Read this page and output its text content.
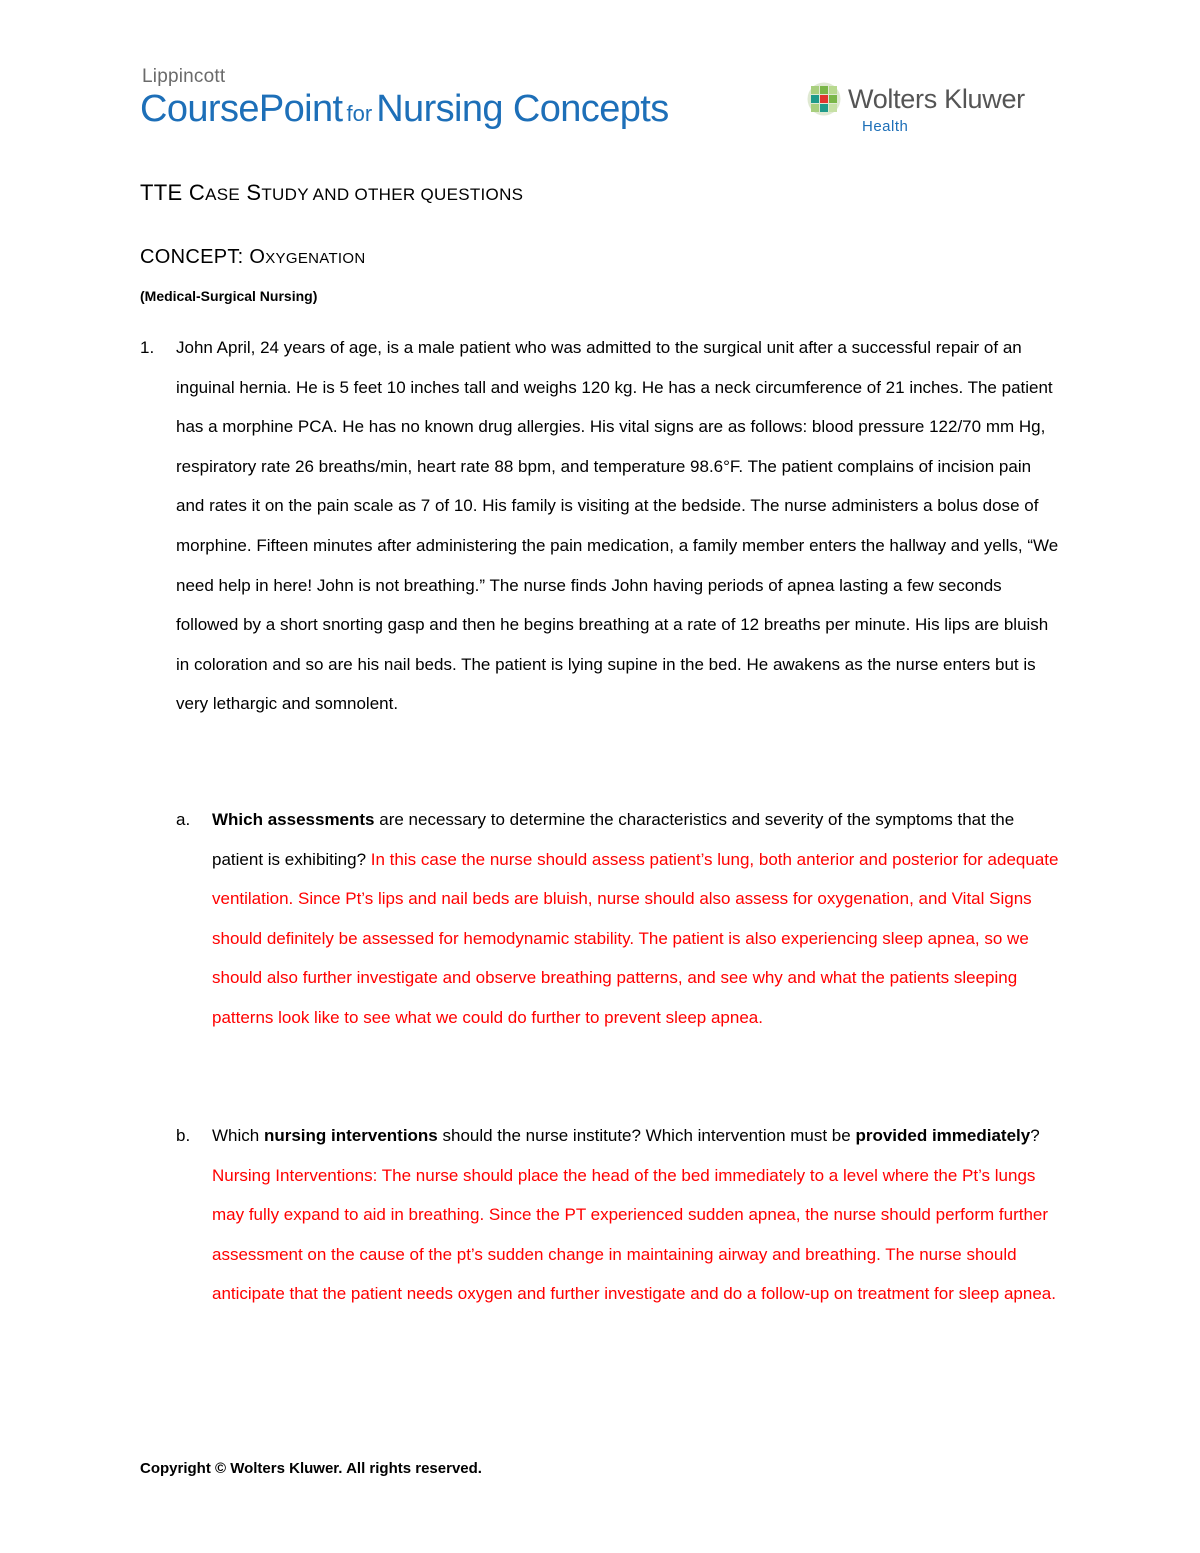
Lippincott
CoursePoint for Nursing Concepts	Wolters Kluwer
Health
TTE CASE STUDY AND OTHER QUESTIONS
CONCEPT: OXYGENATION
(Medical-Surgical Nursing)
1. John April, 24 years of age, is a male patient who was admitted to the surgical unit after a successful repair of an inguinal hernia. He is 5 feet 10 inches tall and weighs 120 kg. He has a neck circumference of 21 inches. The patient has a morphine PCA. He has no known drug allergies. His vital signs are as follows: blood pressure 122/70 mm Hg, respiratory rate 26 breaths/min, heart rate 88 bpm, and temperature 98.6°F. The patient complains of incision pain and rates it on the pain scale as 7 of 10. His family is visiting at the bedside. The nurse administers a bolus dose of morphine. Fifteen minutes after administering the pain medication, a family member enters the hallway and yells, “We need help in here! John is not breathing.” The nurse finds John having periods of apnea lasting a few seconds followed by a short snorting gasp and then he begins breathing at a rate of 12 breaths per minute. His lips are bluish in coloration and so are his nail beds. The patient is lying supine in the bed. He awakens as the nurse enters but is very lethargic and somnolent.
a. Which assessments are necessary to determine the characteristics and severity of the symptoms that the patient is exhibiting? In this case the nurse should assess patient’s lung, both anterior and posterior for adequate ventilation. Since Pt’s lips and nail beds are bluish, nurse should also assess for oxygenation, and Vital Signs should definitely be assessed for hemodynamic stability. The patient is also experiencing sleep apnea, so we should also further investigate and observe breathing patterns, and see why and what the patients sleeping patterns look like to see what we could do further to prevent sleep apnea.
b. Which nursing interventions should the nurse institute? Which intervention must be provided immediately? Nursing Interventions: The nurse should place the head of the bed immediately to a level where the Pt’s lungs may fully expand to aid in breathing. Since the PT experienced sudden apnea, the nurse should perform further assessment on the cause of the pt’s sudden change in maintaining airway and breathing. The nurse should anticipate that the patient needs oxygen and further investigate and do a follow-up on treatment for sleep apnea.
Copyright © Wolters Kluwer. All rights reserved.
